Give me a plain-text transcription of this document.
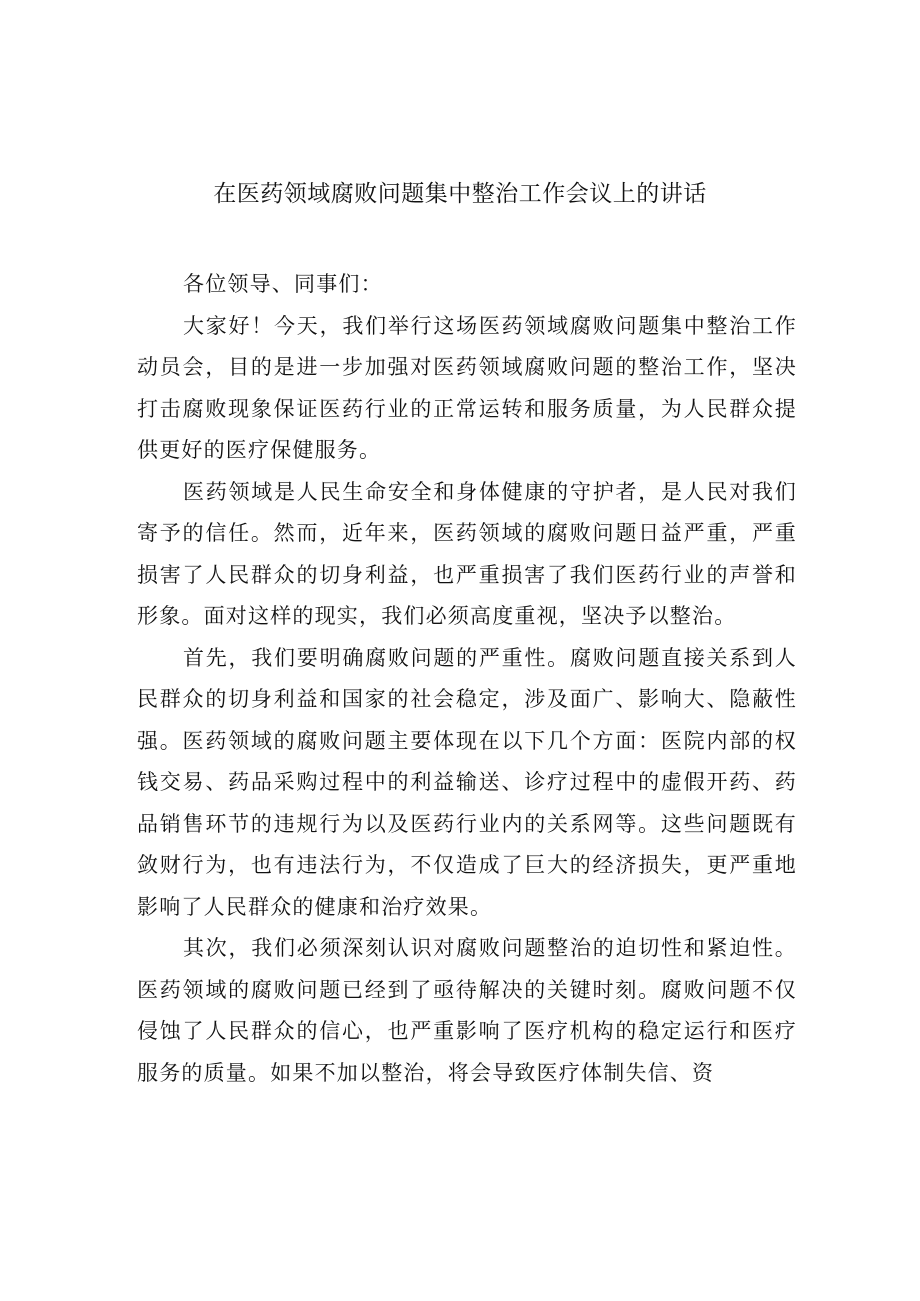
在医药领域腐败问题集中整治工作会议上的讲话

各位领导、同事们：

大家好！今天，我们举行这场医药领域腐败问题集中整治工作动员会，目的是进一步加强对医药领域腐败问题的整治工作，坚决打击腐败现象保证医药行业的正常运转和服务质量，为人民群众提供更好的医疗保健服务。

医药领域是人民生命安全和身体健康的守护者，是人民对我们寄予的信任。然而，近年来，医药领域的腐败问题日益严重，严重损害了人民群众的切身利益，也严重损害了我们医药行业的声誉和形象。面对这样的现实，我们必须高度重视，坚决予以整治。

首先，我们要明确腐败问题的严重性。腐败问题直接关系到人民群众的切身利益和国家的社会稳定，涉及面广、影响大、隐蔽性强。医药领域的腐败问题主要体现在以下几个方面：医院内部的权钱交易、药品采购过程中的利益输送、诊疗过程中的虚假开药、药品销售环节的违规行为以及医药行业内的关系网等。这些问题既有敛财行为，也有违法行为，不仅造成了巨大的经济损失，更严重地影响了人民群众的健康和治疗效果。

其次，我们必须深刻认识对腐败问题整治的迫切性和紧迫性。医药领域的腐败问题已经到了亟待解决的关键时刻。腐败问题不仅侵蚀了人民群众的信心，也严重影响了医疗机构的稳定运行和医疗服务的质量。如果不加以整治，将会导致医疗体制失信、资
